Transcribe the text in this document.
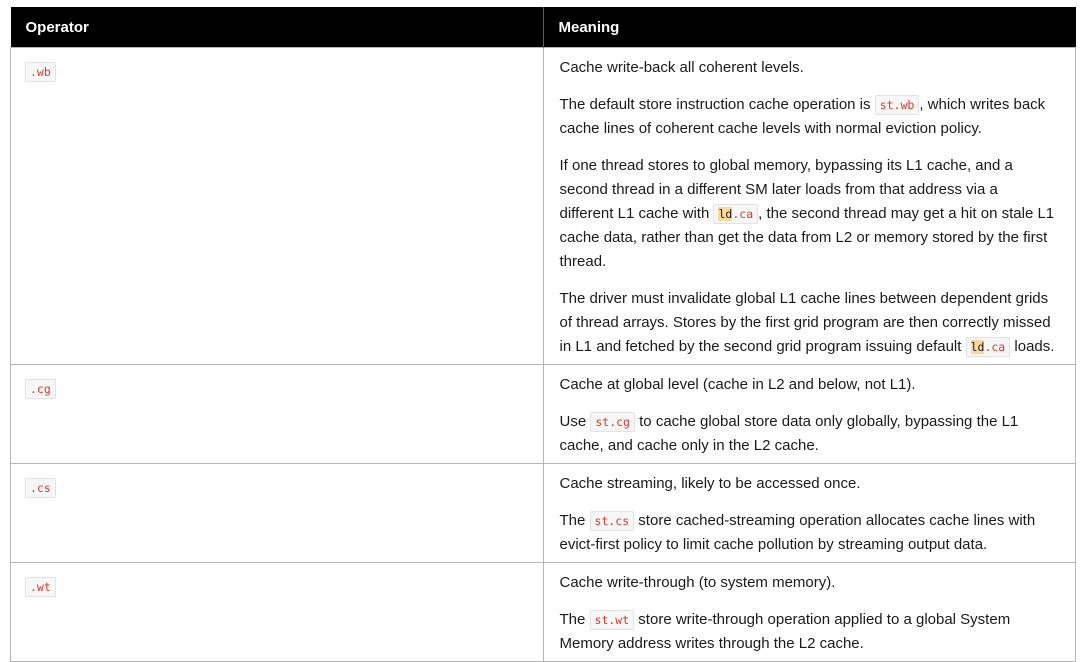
Operator	Meaning
.wb	Cache write-back all coherent levels.

The default store instruction cache operation is st.wb , which writes back cache lines of coherent cache levels with normal eviction policy.

If one thread stores to global memory, bypassing its L1 cache, and a second thread in a different SM later loads from that address via a different L1 cache with ld.ca , the second thread may get a hit on stale L1 cache data, rather than get the data from L2 or memory stored by the first thread.

The driver must invalidate global L1 cache lines between dependent grids of thread arrays. Stores by the first grid program are then correctly missed in L1 and fetched by the second grid program issuing default ld.ca loads.

.cg	Cache at global level (cache in L2 and below, not L1).

Use st.cg to cache global store data only globally, bypassing the L1 cache, and cache only in the L2 cache.

.cs	Cache streaming, likely to be accessed once.

The st.cs store cached-streaming operation allocates cache lines with evict-first policy to limit cache pollution by streaming output data.

.wt	Cache write-through (to system memory).

The st.wt store write-through operation applied to a global System Memory address writes through the L2 cache.
